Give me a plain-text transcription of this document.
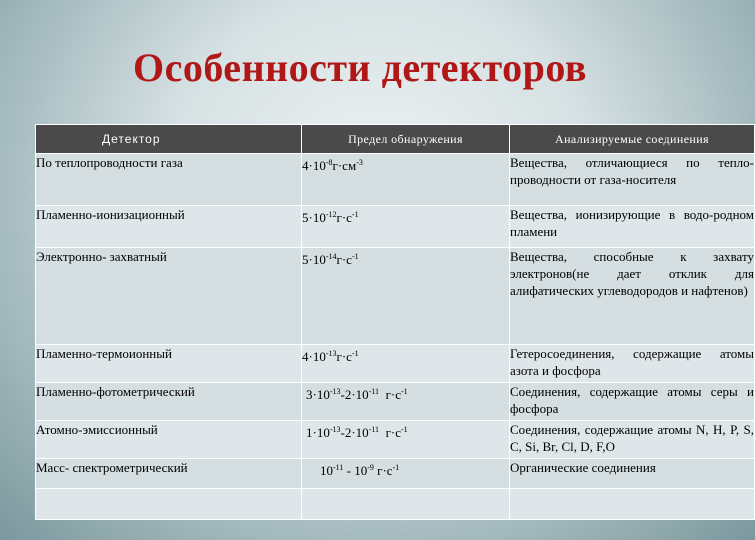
Особенности детекторов
Детектор	Предел обнаружения	Анализируемые соединения
По теплопроводности газа	$4\cdot 10^{-8}г\cdot см^{-3}$	Вещества, отличающиеся по тепло-проводности от газа-носителя
Пламенно-ионизационный	$5\cdot 10^{-12}г\cdot с^{-1}$	Вещества, ионизирующие в водо-родном пламени
Электронно- захватный	$5\cdot 10^{-14}г\cdot с^{-1}$	Вещества, способные к захвату электронов(не дает отклик для алифатических углеводородов и нафтенов)
Пламенно-термоионный	$4\cdot 10^{-13}г\cdot с^{-1}$	Гетеросоединения, содержащие атомы азота и фосфора
Пламенно-фотометрический	$3\cdot 10^{-13}-2\cdot 10^{-11}$ $г\cdot с^{-1}$	Соединения, содержащие атомы серы и фосфора
Атомно-эмиссионный	$1\cdot 10^{-13}-2\cdot 10^{-11}$ $г\cdot с^{-1}$	Соединения, содержащие атомы N, H, P, S, C, Si, Br, Cl, D, F,O
Масс- спектрометрический	$10^{-11} - 10^{-9}$ $г\cdot с^{-1}$	Органические соединения
